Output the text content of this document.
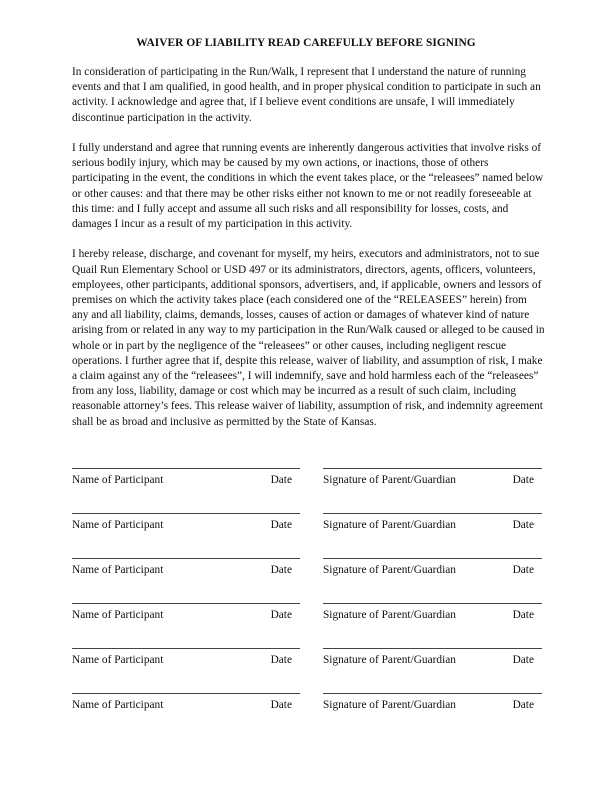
WAIVER OF LIABILITY READ CAREFULLY BEFORE SIGNING

In consideration of participating in the Run/Walk, I represent that I understand the nature of running events and that I am qualified, in good health, and in proper physical condition to participate in such an activity. I acknowledge and agree that, if I believe event conditions are unsafe, I will immediately discontinue participation in the activity.

I fully understand and agree that running events are inherently dangerous activities that involve risks of serious bodily injury, which may be caused by my own actions, or inactions, those of others participating in the event, the conditions in which the event takes place, or the “releasees” named below or other causes: and that there may be other risks either not known to me or not readily foreseeable at this time: and I fully accept and assume all such risks and all responsibility for losses, costs, and damages I incur as a result of my participation in this activity.

I hereby release, discharge, and covenant for myself, my heirs, executors and administrators, not to sue Quail Run Elementary School or USD 497 or its administrators, directors, agents, officers, volunteers, employees, other participants, additional sponsors, advertisers, and, if applicable, owners and lessors of premises on which the activity takes place (each considered one of the “RELEASEES” herein) from any and all liability, claims, demands, losses, causes of action or damages of whatever kind of nature arising from or related in any way to my participation in the Run/Walk caused or alleged to be caused in whole or in part by the negligence of the “releasees” or other causes, including negligent rescue operations. I further agree that if, despite this release, waiver of liability, and assumption of risk, I make a claim against any of the “releasees”, I will indemnify, save and hold harmless each of the “releasees” from any loss, liability, damage or cost which may be incurred as a result of such claim, including reasonable attorney’s fees. This release waiver of liability, assumption of risk, and indemnity agreement shall be as broad and inclusive as permitted by the State of Kansas.

Name of Participant	Date	Signature of Parent/Guardian	Date
Name of Participant	Date	Signature of Parent/Guardian	Date
Name of Participant	Date	Signature of Parent/Guardian	Date
Name of Participant	Date	Signature of Parent/Guardian	Date
Name of Participant	Date	Signature of Parent/Guardian	Date
Name of Participant	Date	Signature of Parent/Guardian	Date
